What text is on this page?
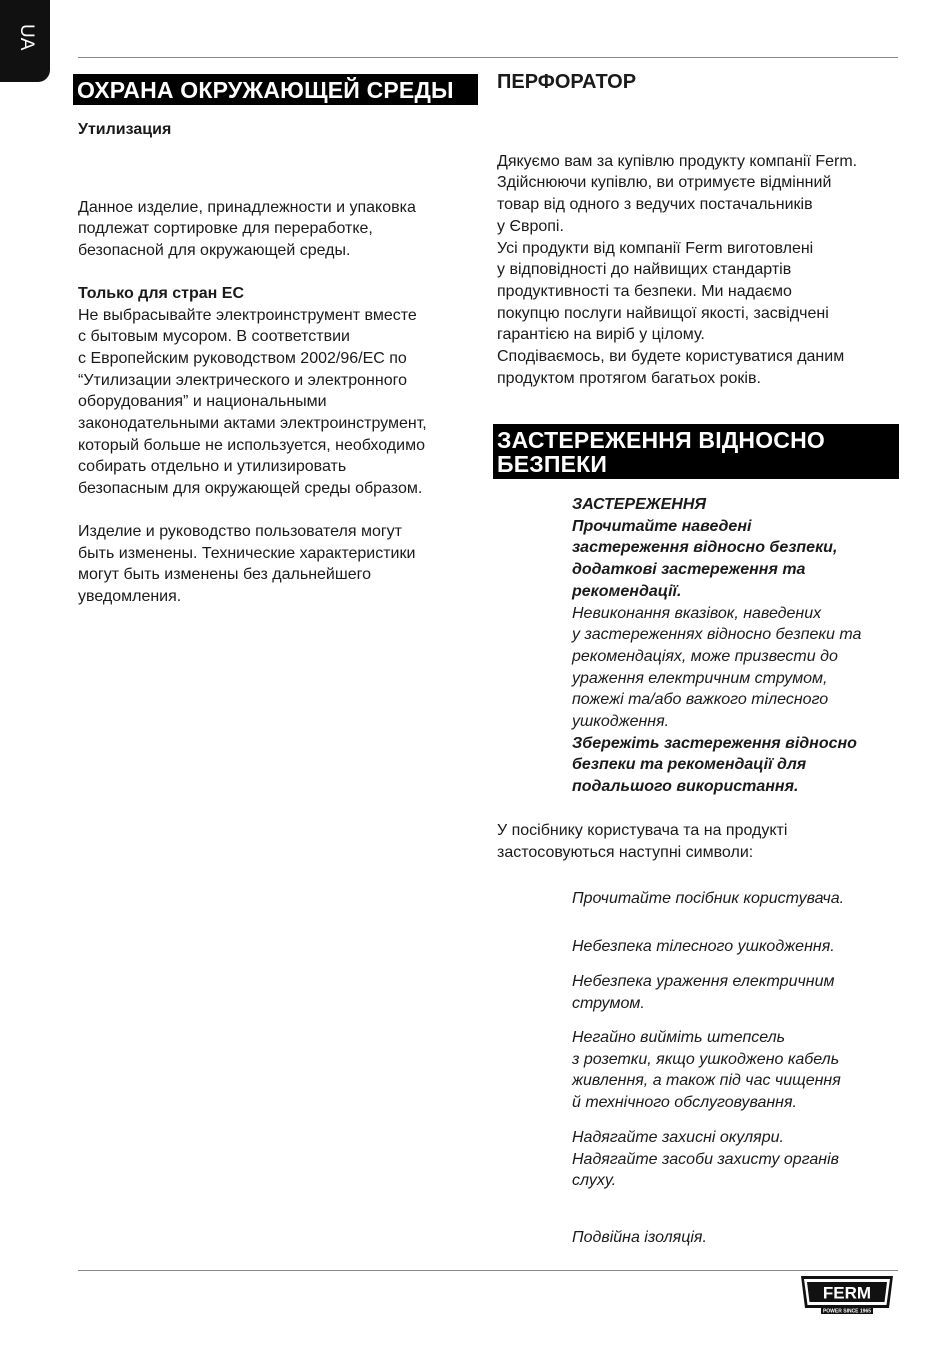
UA
ОХРАНА ОКРУЖАЮЩЕЙ СРЕДЫ

Утилизация

Данное изделие, принадлежности и упаковка
подлежат сортировке для переработке,
безопасной для окружающей среды.

Только для стран ЕС

Не выбрасывайте электроинструмент вместе
с бытовым мусором. В соответствии
с Европейским руководством 2002/96/ЕС по
“Утилизации электрического и электронного
оборудования” и национальными
законодательными актами электроинструмент,
который больше не используется, необходимо
собирать отдельно и утилизировать
безопасным для окружающей среды образом.

Изделие и руководство пользователя могут
быть изменены. Технические характеристики
могут быть изменены без дальнейшего
уведомления.

ПЕРФОРАТОР

Дякуємо вам за купівлю продукту компанії Ferm.
Здійснюючи купівлю, ви отримуєте відмінний
товар від одного з ведучих постачальників
у Європі.
Усі продукти від компанії Ferm виготовлені
у відповідності до найвищих стандартів
продуктивності та безпеки. Ми надаємо
покупцю послуги найвищої якості, засвідчені
гарантією на виріб у цілому.
Сподіваємось, ви будете користуватися даним
продуктом протягом багатьох років.

ЗАСТЕРЕЖЕННЯ ВІДНОСНО
БЕЗПЕКИ

ЗАСТЕРЕЖЕННЯ

Прочитайте наведені
застереження відносно безпеки,
додаткові застереження та
рекомендації.

Невиконання вказівок, наведених
у застереженнях відносно безпеки та
рекомендаціях, може призвести до
ураження електричним струмом,
пожежі та/або важкого тілесного
ушкодження.

Збережіть застереження відносно
безпеки та рекомендації для
подальшого використання.

У посібнику користувача та на продукті
застосовуються наступні символи:

Прочитайте посібник користувача.

Небезпека тілесного ушкодження.

Небезпека ураження електричним
струмом.

Негайно вийміть штепсель
з розетки, якщо ушкоджено кабель
живлення, а також під час чищення
й технічного обслуговування.

Надягайте захисні окуляри.
Надягайте засоби захисту органів
слуху.

Подвійна ізоляція.

FERM
POWER SINCE 1965
